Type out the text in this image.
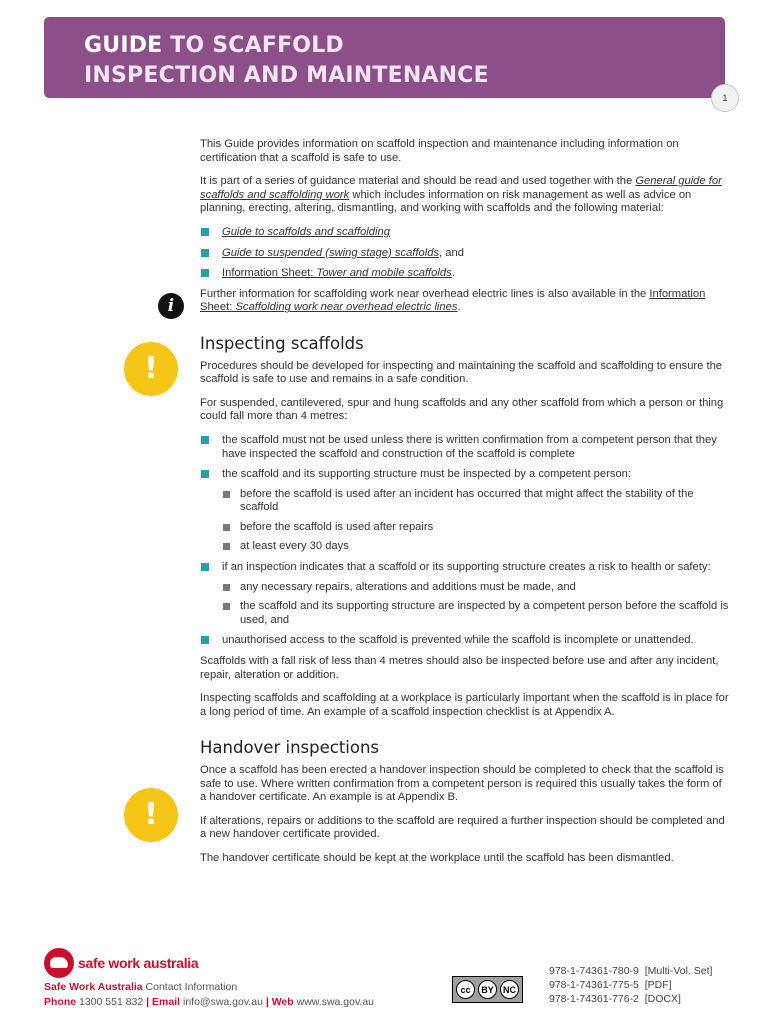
GUIDE TO SCAFFOLD
INSPECTION AND MAINTENANCE
1
i
!
!

This Guide provides information on scaffold inspection and maintenance including information on certification that a scaffold is safe to use.

It is part of a series of guidance material and should be read and used together with the General guide for scaffolds and scaffolding work which includes information on risk management as well as advice on planning, erecting, altering, dismantling, and working with scaffolds and the following material:

Guide to scaffolds and scaffolding
Guide to suspended (swing stage) scaffolds, and
Information Sheet: Tower and mobile scaffolds.

Further information for scaffolding work near overhead electric lines is also available in the Information Sheet: Scaffolding work near overhead electric lines.

Inspecting scaffolds

Procedures should be developed for inspecting and maintaining the scaffold and scaffolding to ensure the scaffold is safe to use and remains in a safe condition.

For suspended, cantilevered, spur and hung scaffolds and any other scaffold from which a person or thing could fall more than 4 metres:

the scaffold must not be used unless there is written confirmation from a competent person that they have inspected the scaffold and construction of the scaffold is complete
the scaffold and its supporting structure must be inspected by a competent person:
before the scaffold is used after an incident has occurred that might affect the stability of the scaffold
before the scaffold is used after repairs
at least every 30 days
if an inspection indicates that a scaffold or its supporting structure creates a risk to health or safety:
any necessary repairs, alterations and additions must be made, and
the scaffold and its supporting structure are inspected by a competent person before the scaffold is used, and
unauthorised access to the scaffold is prevented while the scaffold is incomplete or unattended.

Scaffolds with a fall risk of less than 4 metres should also be inspected before use and after any incident, repair, alteration or addition.

Inspecting scaffolds and scaffolding at a workplace is particularly important when the scaffold is in place for a long period of time. An example of a scaffold inspection checklist is at Appendix A.

Handover inspections

Once a scaffold has been erected a handover inspection should be completed to check that the scaffold is safe to use. Where written confirmation from a competent person is required this usually takes the form of a handover certificate. An example is at Appendix B.

If alterations, repairs or additions to the scaffold are required a further inspection should be completed and a new handover certificate provided.

The handover certificate should be kept at the workplace until the scaffold has been dismantled.

safe work australia
Safe Work Australia Contact Information
Phone 1300 551 832 | Email info@swa.gov.au | Web www.swa.gov.au
cc	BY	NC
978-1-74361-780-9  [Multi-Vol. Set]
978-1-74361-775-5  [PDF]
978-1-74361-776-2  [DOCX]
